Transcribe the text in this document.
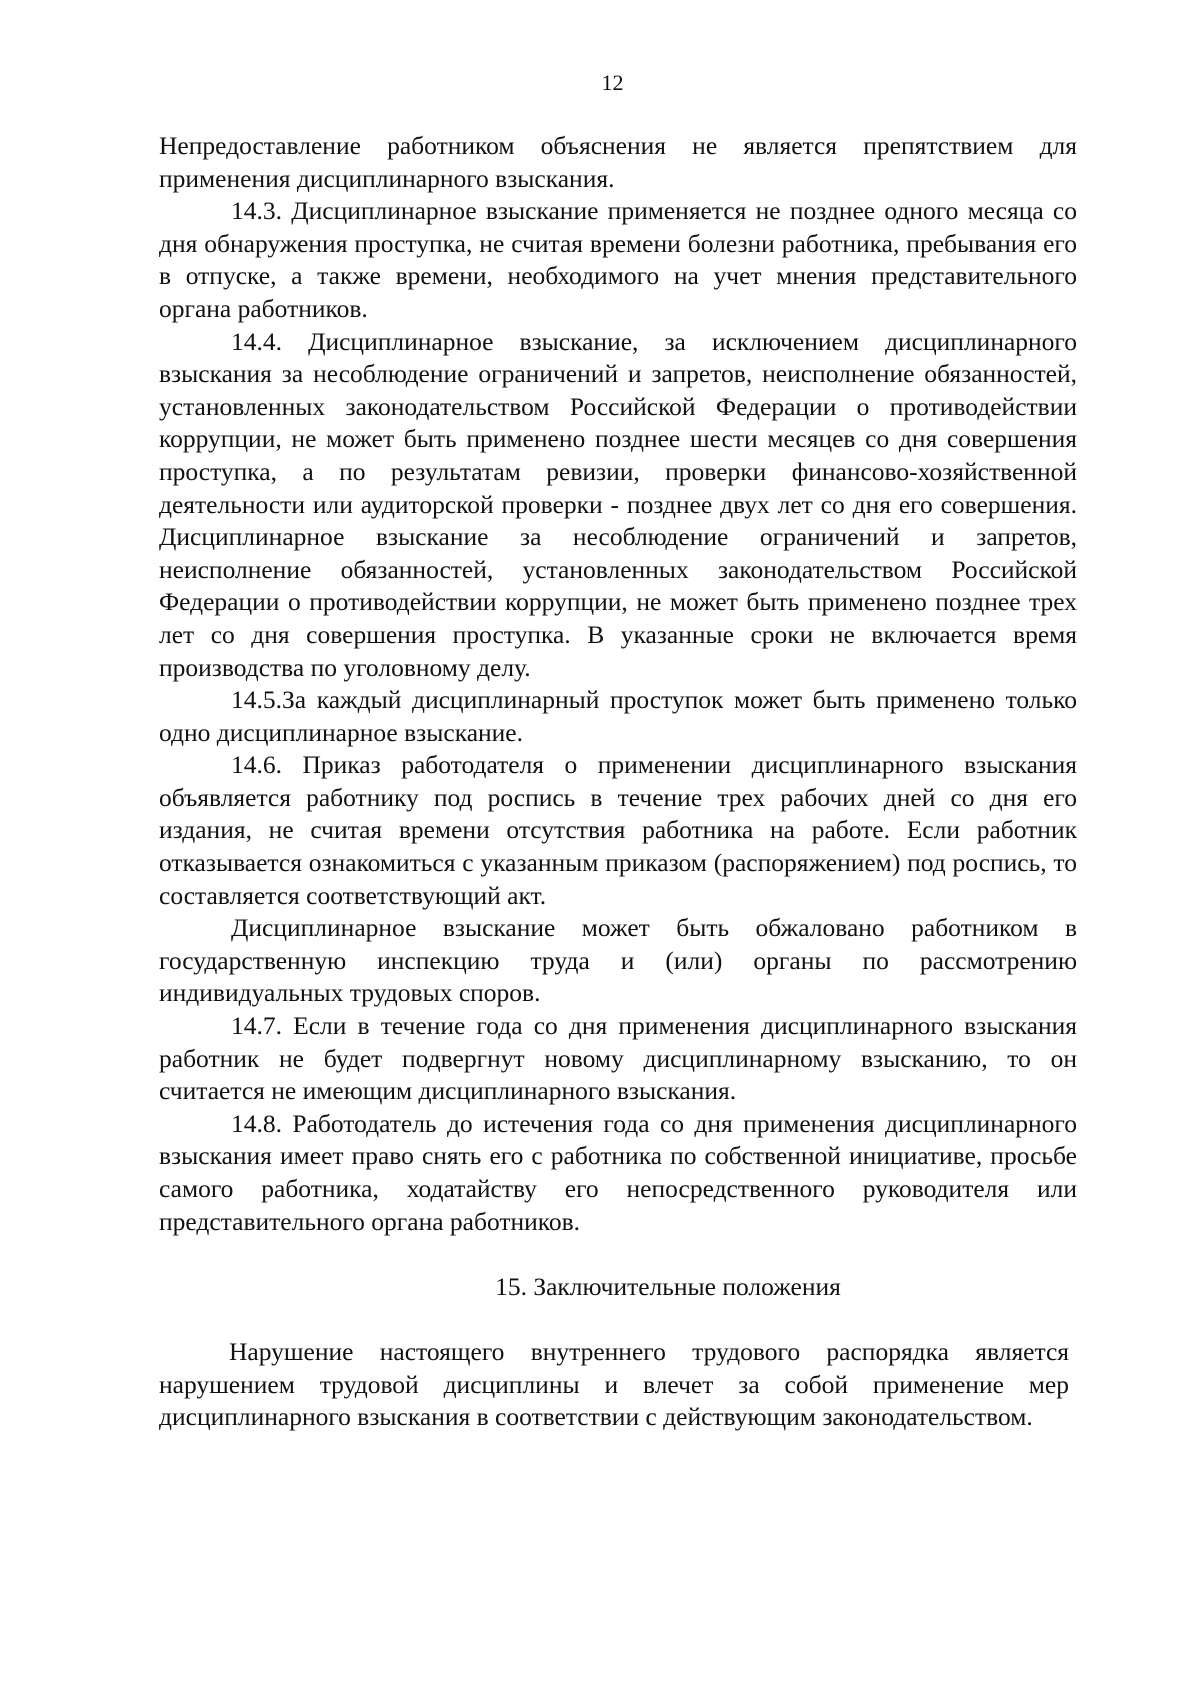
12

Непредоставление работником объяснения не является препятствием для применения дисциплинарного взыскания.

14.3. Дисциплинарное взыскание применяется не позднее одного месяца со дня обнаружения проступка, не считая времени болезни работника, пребывания его в отпуске, а также времени, необходимого на учет мнения представительного органа работников.

14.4. Дисциплинарное взыскание, за исключением дисциплинарного взыскания за несоблюдение ограничений и запретов, неисполнение обязанностей, установленных законодательством Российской Федерации о противодействии коррупции, не может быть применено позднее шести месяцев со дня совершения проступка, а по результатам ревизии, проверки финансово-хозяйственной деятельности или аудиторской проверки - позднее двух лет со дня его совершения. Дисциплинарное взыскание за несоблюдение ограничений и запретов, неисполнение обязанностей, установленных законодательством Российской Федерации о противодействии коррупции, не может быть применено позднее трех лет со дня совершения проступка. В указанные сроки не включается время производства по уголовному делу.

14.5.За каждый дисциплинарный проступок может быть применено только одно дисциплинарное взыскание.

14.6. Приказ работодателя о применении дисциплинарного взыскания объявляется работнику под роспись в течение трех рабочих дней со дня его издания, не считая времени отсутствия работника на работе. Если работник отказывается ознакомиться с указанным приказом (распоряжением) под роспись, то составляется соответствующий акт.

Дисциплинарное взыскание может быть обжаловано работником в государственную инспекцию труда и (или) органы по рассмотрению индивидуальных трудовых споров.

14.7. Если в течение года со дня применения дисциплинарного взыскания работник не будет подвергнут новому дисциплинарному взысканию, то он считается не имеющим дисциплинарного взыскания.

14.8. Работодатель до истечения года со дня применения дисциплинарного взыскания имеет право снять его с работника по собственной инициативе, просьбе самого работника, ходатайству его непосредственного руководителя или представительного органа работников.

15. Заключительные положения

Нарушение настоящего внутреннего трудового распорядка является нарушением трудовой дисциплины и влечет за собой применение мер дисциплинарного взыскания в соответствии с действующим законодательством.
